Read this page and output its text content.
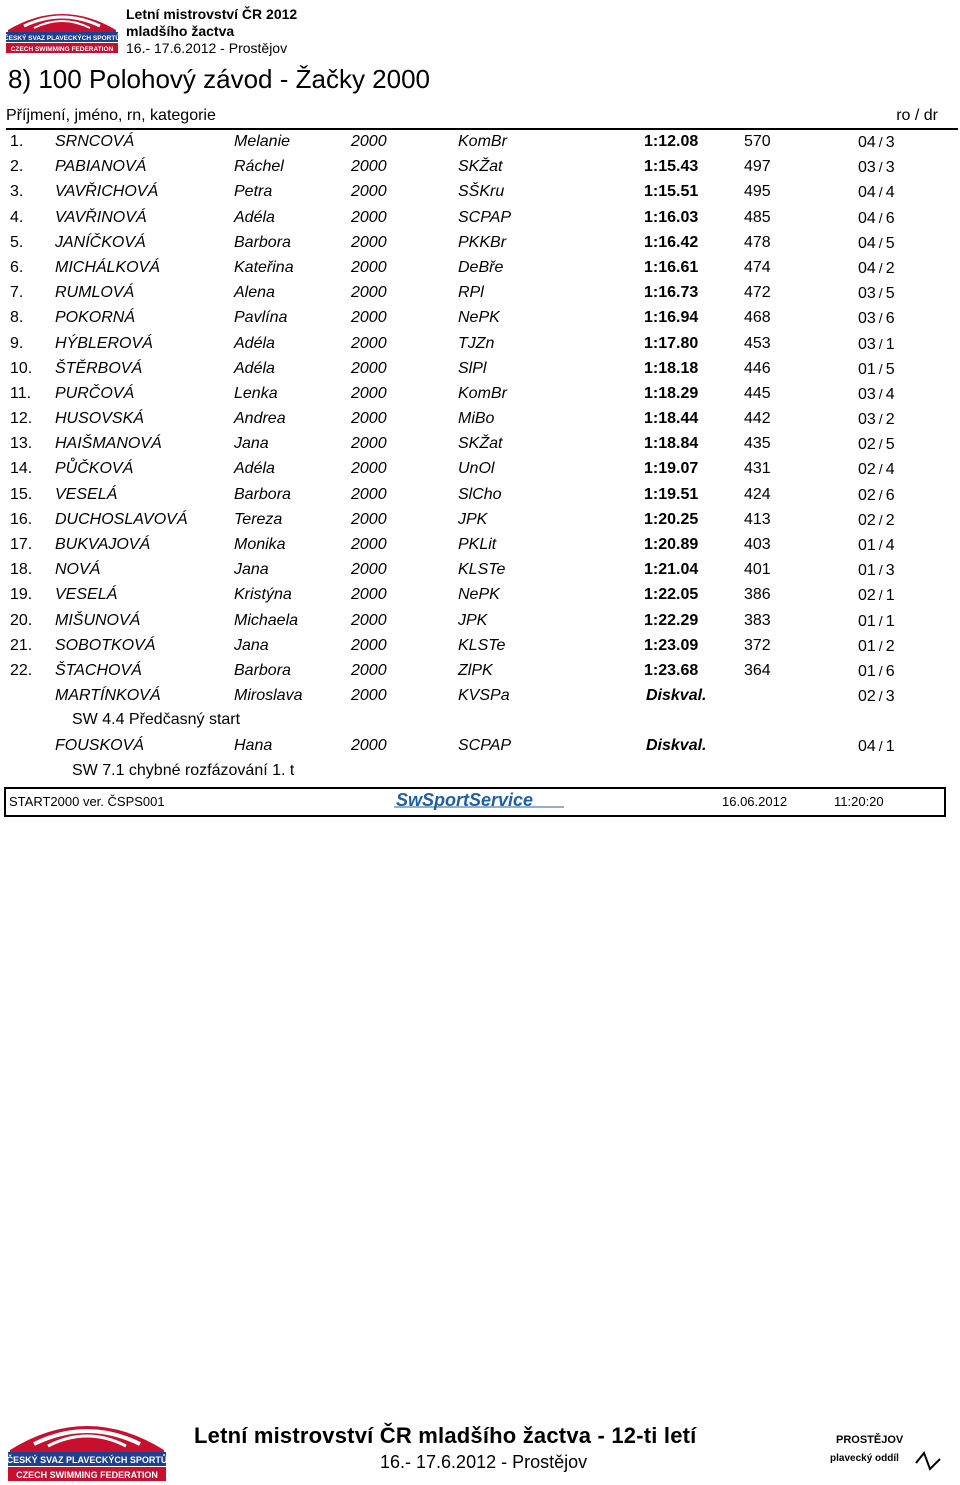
ČESKÝ SVAZ PLAVECKÝCH SPORTŮ
CZECH SWIMMING FEDERATION
Letní mistrovství ČR 2012
mladšího žactva
16.- 17.6.2012 - Prostějov
8) 100 Polohový závod - Žačky 2000
Příjmení, jméno, rn, kategorie	ro / dr
1. SRNCOVÁ	Melanie	2000	KomBr	1:12.08	570	04 / 3
2. PABIANOVÁ	Ráchel	2000	SKŽat	1:15.43	497	03 / 3
3. VAVŘICHOVÁ	Petra	2000	SŠKru	1:15.51	495	04 / 4
4. VAVŘINOVÁ	Adéla	2000	SCPAP	1:16.03	485	04 / 6
5. JANÍČKOVÁ	Barbora	2000	PKKBr	1:16.42	478	04 / 5
6. MICHÁLKOVÁ	Kateřina	2000	DeBře	1:16.61	474	04 / 2
7. RUMLOVÁ	Alena	2000	RPl	1:16.73	472	03 / 5
8. POKORNÁ	Pavlína	2000	NePK	1:16.94	468	03 / 6
9. HÝBLEROVÁ	Adéla	2000	TJZn	1:17.80	453	03 / 1
10. ŠTĚRBOVÁ	Adéla	2000	SlPl	1:18.18	446	01 / 5
11. PURČOVÁ	Lenka	2000	KomBr	1:18.29	445	03 / 4
12. HUSOVSKÁ	Andrea	2000	MiBo	1:18.44	442	03 / 2
13. HAIŠMANOVÁ	Jana	2000	SKŽat	1:18.84	435	02 / 5
14. PŮČKOVÁ	Adéla	2000	UnOl	1:19.07	431	02 / 4
15. VESELÁ	Barbora	2000	SlCho	1:19.51	424	02 / 6
16. DUCHOSLAVOVÁ	Tereza	2000	JPK	1:20.25	413	02 / 2
17. BUKVAJOVÁ	Monika	2000	PKLit	1:20.89	403	01 / 4
18. NOVÁ	Jana	2000	KLSTe	1:21.04	401	01 / 3
19. VESELÁ	Kristýna	2000	NePK	1:22.05	386	02 / 1
20. MIŠUNOVÁ	Michaela	2000	JPK	1:22.29	383	01 / 1
21. SOBOTKOVÁ	Jana	2000	KLSTe	1:23.09	372	01 / 2
22. ŠTACHOVÁ	Barbora	2000	ZlPK	1:23.68	364	01 / 6
MARTÍNKOVÁ	Miroslava	2000	KVSPa	Diskval.	02 / 3
SW 4.4 Předčasný start
FOUSKOVÁ	Hana	2000	SCPAP	Diskval.	04 / 1
SW 7.1 chybné rozfázování 1. t
START2000 ver. ČSPS001	SwSportService	16.06.2012	11:20:20
ČESKÝ SVAZ PLAVECKÝCH SPORTŮ
CZECH SWIMMING FEDERATION
Letní mistrovství ČR mladšího žactva - 12-ti letí
16.- 17.6.2012 - Prostějov
PROSTĚJOV
plavecký oddíl
